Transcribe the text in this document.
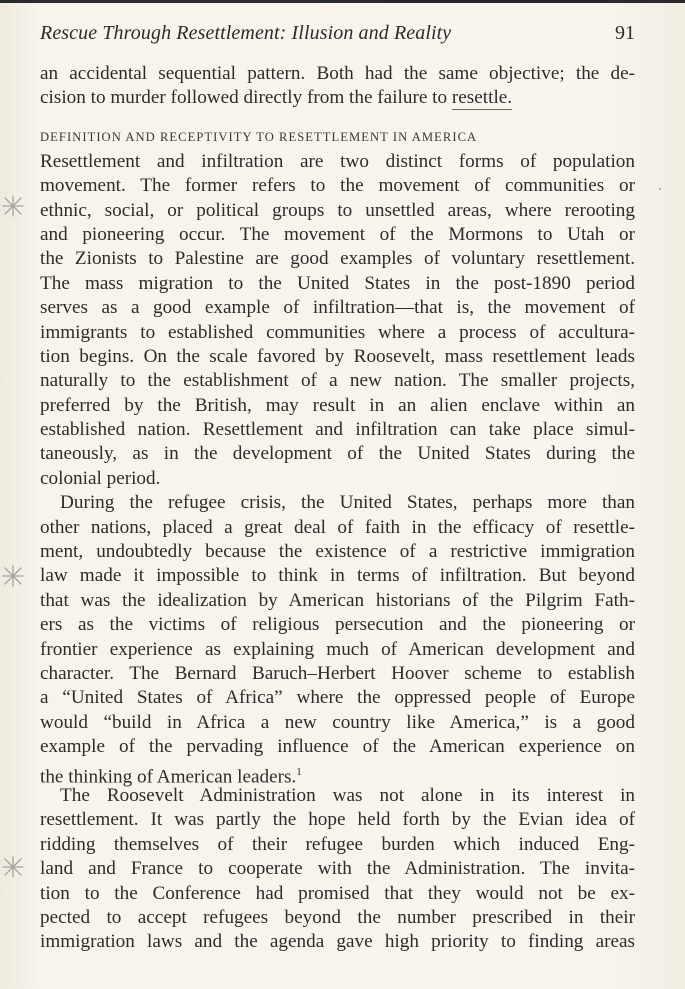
Rescue Through Resettlement: Illusion and Reality	91
an accidental sequential pattern. Both had the same objective; the de-
cision to murder followed directly from the failure to resettle.
DEFINITION AND RECEPTIVITY TO RESETTLEMENT IN AMERICA
Resettlement and infiltration are two distinct forms of population
movement. The former refers to the movement of communities or
ethnic, social, or political groups to unsettled areas, where rerooting
and pioneering occur. The movement of the Mormons to Utah or
the Zionists to Palestine are good examples of voluntary resettlement.
The mass migration to the United States in the post-1890 period
serves as a good example of infiltration—that is, the movement of
immigrants to established communities where a process of accultura-
tion begins. On the scale favored by Roosevelt, mass resettlement leads
naturally to the establishment of a new nation. The smaller projects,
preferred by the British, may result in an alien enclave within an
established nation. Resettlement and infiltration can take place simul-
taneously, as in the development of the United States during the
colonial period.
During the refugee crisis, the United States, perhaps more than
other nations, placed a great deal of faith in the efficacy of resettle-
ment, undoubtedly because the existence of a restrictive immigration
law made it impossible to think in terms of infiltration. But beyond
that was the idealization by American historians of the Pilgrim Fath-
ers as the victims of religious persecution and the pioneering or
frontier experience as explaining much of American development and
character. The Bernard Baruch–Herbert Hoover scheme to establish
a “United States of Africa” where the oppressed people of Europe
would “build in Africa a new country like America,” is a good
example of the pervading influence of the American experience on
the thinking of American leaders.$^1$
The Roosevelt Administration was not alone in its interest in
resettlement. It was partly the hope held forth by the Evian idea of
ridding themselves of their refugee burden which induced Eng-
land and France to cooperate with the Administration. The invita-
tion to the Conference had promised that they would not be ex-
pected to accept refugees beyond the number prescribed in their
immigration laws and the agenda gave high priority to finding areas
